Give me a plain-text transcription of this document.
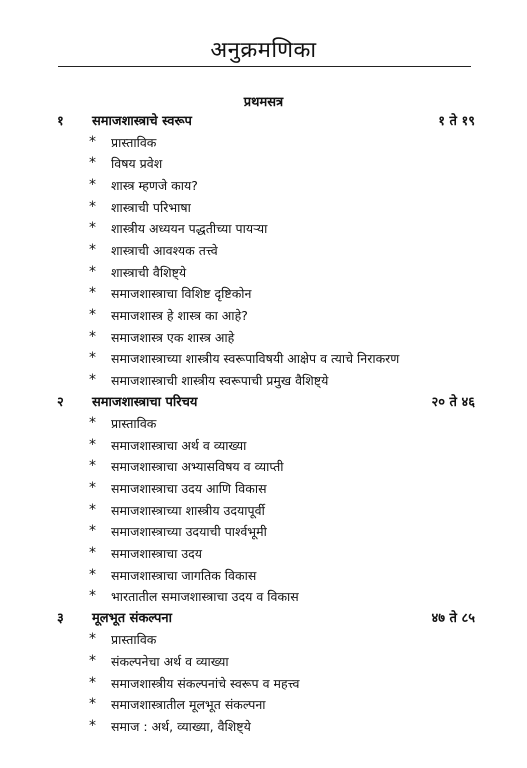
अनुक्रमणिका
प्रथमसत्र
१ समाजशास्त्राचे स्वरूप	१ ते १९
* प्रास्ताविक
* विषय प्रवेश
* शास्त्र म्हणजे काय?
* शास्त्राची परिभाषा
* शास्त्रीय अध्ययन पद्धतीच्या पायऱ्या
* शास्त्राची आवश्यक तत्त्वे
* शास्त्राची वैशिष्ट्ये
* समाजशास्त्राचा विशिष्ट दृष्टिकोन
* समाजशास्त्र हे शास्त्र का आहे?
* समाजशास्त्र एक शास्त्र आहे
* समाजशास्त्राच्या शास्त्रीय स्वरूपाविषयी आक्षेप व त्याचे निराकरण
* समाजशास्त्राची शास्त्रीय स्वरूपाची प्रमुख वैशिष्ट्ये
२ समाजशास्त्राचा परिचय	२० ते ४६
* प्रास्ताविक
* समाजशास्त्राचा अर्थ व व्याख्या
* समाजशास्त्राचा अभ्यासविषय व व्याप्ती
* समाजशास्त्राचा उदय आणि विकास
* समाजशास्त्राच्या शास्त्रीय उदयापूर्वी
* समाजशास्त्राच्या उदयाची पार्श्वभूमी
* समाजशास्त्राचा उदय
* समाजशास्त्राचा जागतिक विकास
* भारतातील समाजशास्त्राचा उदय व विकास
३ मूलभूत संकल्पना	४७ ते ८५
* प्रास्ताविक
* संकल्पनेचा अर्थ व व्याख्या
* समाजशास्त्रीय संकल्पनांचे स्वरूप व महत्त्व
* समाजशास्त्रातील मूलभूत संकल्पना
* समाज : अर्थ, व्याख्या, वैशिष्ट्ये
